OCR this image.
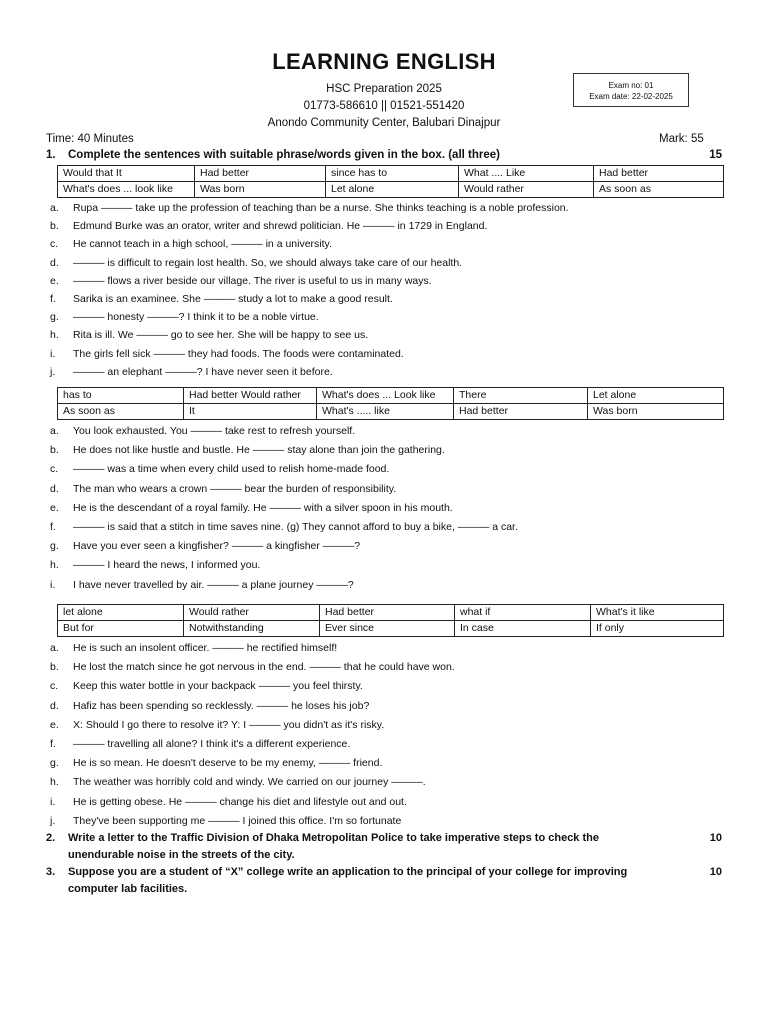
LEARNING ENGLISH
HSC Preparation 2025
01773-586610 || 01521-551420
Anondo Community Center, Balubari Dinajpur
Exam no: 01
Exam date: 22-02-2025
Time: 40 Minutes	Mark: 55
1. Complete the sentences with suitable phrase/words given in the box. (all three)	15
Would that It	Had better	since has to	What .... Like	Had better
What's does ... look like	Was born	Let alone	Would rather	As soon as
a.	Rupa ——— take up the profession of teaching than be a nurse. She thinks teaching is a noble profession.
b.	Edmund Burke was an orator, writer and shrewd politician. He ——— in 1729 in England.
c.	He cannot teach in a high school, ——— in a university.
d.	——— is difficult to regain lost health. So, we should always take care of our health.
e.	——— flows a river beside our village. The river is useful to us in many ways.
f.	Sarika is an examinee. She ——— study a lot to make a good result.
g.	——— honesty ———? I think it to be a noble virtue.
h.	Rita is ill. We ——— go to see her. She will be happy to see us.
i.	The girls fell sick ——— they had foods. The foods were contaminated.
j.	——— an elephant ———? I have never seen it before.
has to	Had better Would rather	What's does ... Look like	There	Let alone
As soon as	It	What's ..... like	Had better	Was born
a.	You look exhausted. You ——— take rest to refresh yourself.
b.	He does not like hustle and bustle. He ——— stay alone than join the gathering.
c.	——— was a time when every child used to relish home-made food.
d.	The man who wears a crown ——— bear the burden of responsibility.
e.	He is the descendant of a royal family. He ——— with a silver spoon in his mouth.
f.	——— is said that a stitch in time saves nine. (g) They cannot afford to buy a bike, ——— a car.
g.	Have you ever seen a kingfisher? ——— a kingfisher ———?
h.	——— I heard the news, I informed you.
i.	I have never travelled by air. ——— a plane journey ———?
let alone	Would rather	Had better	what if	What's it like
But for	Notwithstanding	Ever since	In case	If only
a.	He is such an insolent officer. ——— he rectified himself!
b.	He lost the match since he got nervous in the end. ——— that he could have won.
c.	Keep this water bottle in your backpack ——— you feel thirsty.
d.	Hafiz has been spending so recklessly. ——— he loses his job?
e.	X: Should I go there to resolve it? Y: I ——— you didn't as it's risky.
f.	——— travelling all alone? I think it's a different experience.
g.	He is so mean. He doesn't deserve to be my enemy, ——— friend.
h.	The weather was horribly cold and windy. We carried on our journey ———.
i.	He is getting obese. He ——— change his diet and lifestyle out and out.
j.	They've been supporting me ——— I joined this office. I'm so fortunate
2. Write a letter to the Traffic Division of Dhaka Metropolitan Police to take imperative steps to check the unendurable noise in the streets of the city.
10
3. Suppose you are a student of “X” college write an application to the principal of your college for improving computer lab facilities.
10
